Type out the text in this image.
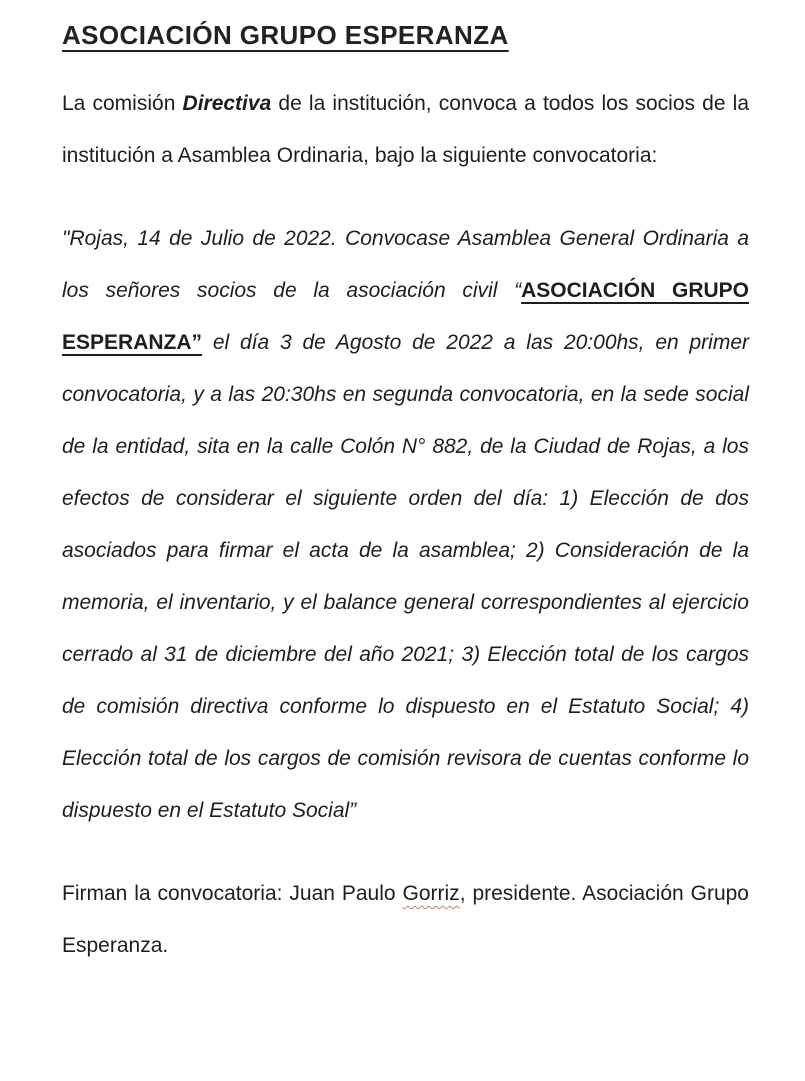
ASOCIACIÓN GRUPO ESPERANZA

La comisión Directiva de la institución, convoca a todos los socios de la institución a Asamblea Ordinaria, bajo la siguiente convocatoria:

"Rojas, 14 de Julio de 2022. Convocase Asamblea General Ordinaria a los señores socios de la asociación civil “ASOCIACIÓN GRUPO ESPERANZA” el día 3 de Agosto de 2022 a las 20:00hs, en primer convocatoria, y a las 20:30hs en segunda convocatoria, en la sede social de la entidad, sita en la calle Colón N° 882, de la Ciudad de Rojas, a los efectos de considerar el siguiente orden del día: 1) Elección de dos asociados para firmar el acta de la asamblea; 2) Consideración de la memoria, el inventario, y el balance general correspondientes al ejercicio cerrado al 31 de diciembre del año 2021; 3) Elección total de los cargos de comisión directiva conforme lo dispuesto en el Estatuto Social; 4) Elección total de los cargos de comisión revisora de cuentas conforme lo dispuesto en el Estatuto Social”

Firman la convocatoria: Juan Paulo Gorriz, presidente. Asociación Grupo Esperanza.
